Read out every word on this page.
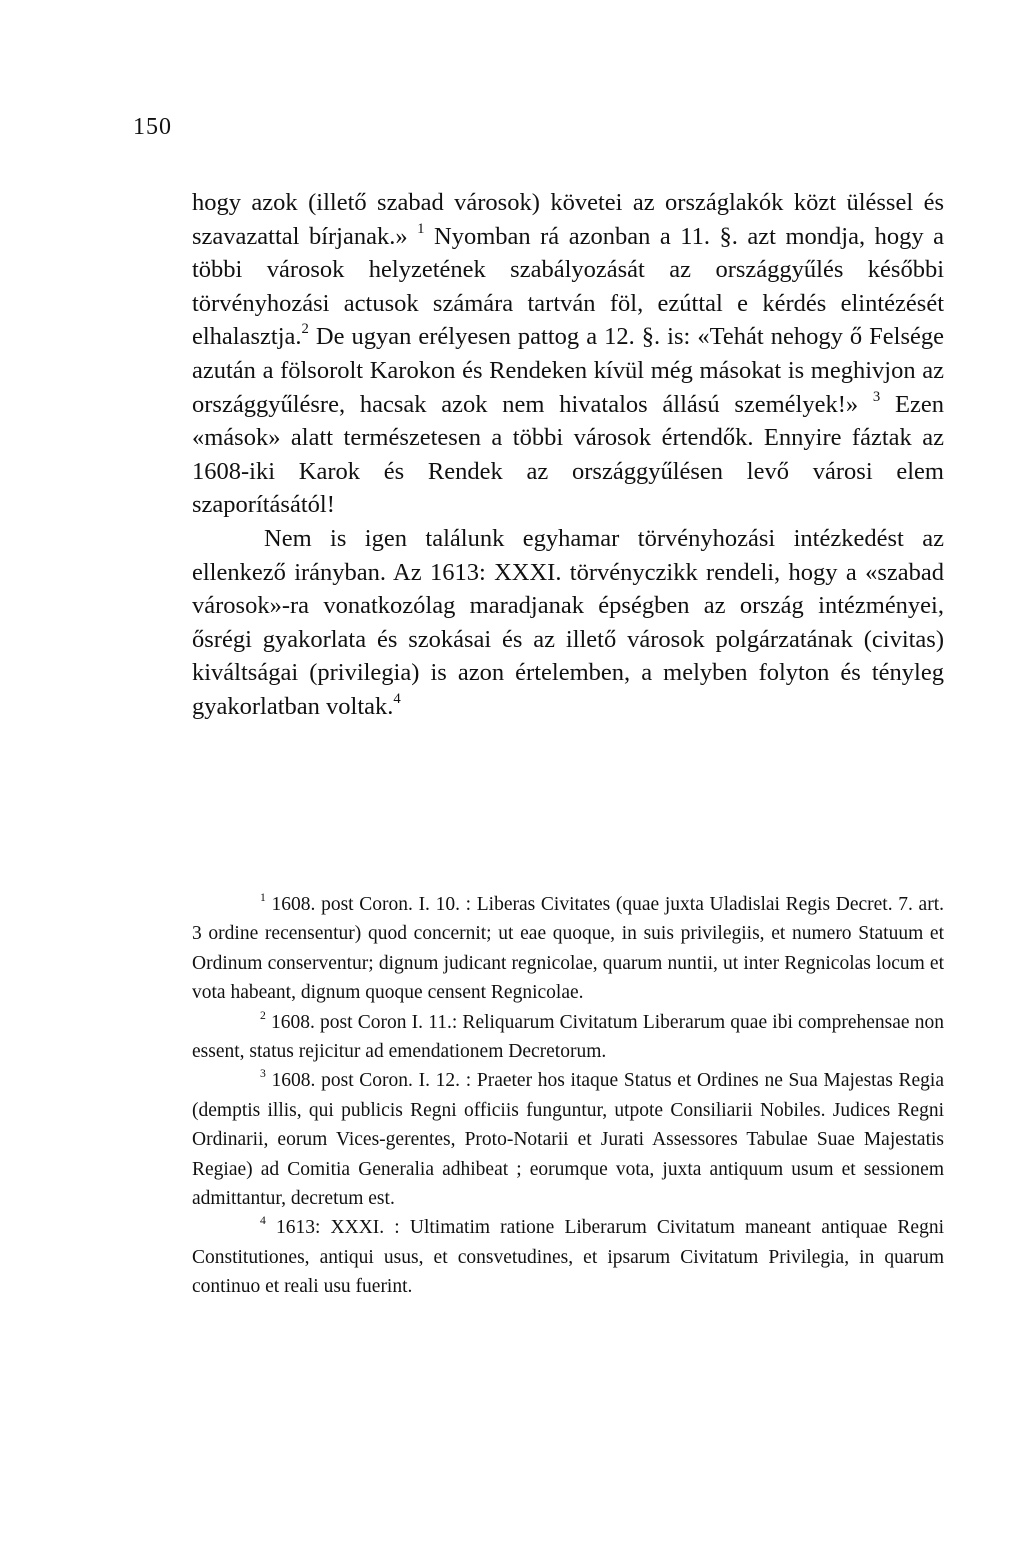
150

hogy azok (illető szabad városok) követei az országlakók közt üléssel és szavazattal bírjanak.» $^1$ Nyomban rá azonban a 11. §. azt mondja, hogy a többi városok helyzetének szabályozását az országgyűlés későbbi törvényhozási actusok számára tartván föl, ezúttal e kérdés elintézését elhalasztja.$^2$ De ugyan erélyesen pattog a 12. §. is: «Tehát nehogy ő Felsége azután a fölsorolt Karokon és Rendeken kívül még másokat is meghivjon az országgyűlésre, hacsak azok nem hivatalos állású személyek!» $^3$ Ezen «mások» alatt természetesen a többi városok értendők. Ennyire fáztak az 1608-iki Karok és Rendek az országgyűlésen levő városi elem szaporításától!

Nem is igen találunk egyhamar törvényhozási intézkedést az ellenkező irányban. Az 1613: XXXI. törvényczikk rendeli, hogy a «szabad városok»-ra vonatkozólag maradjanak épségben az ország intézményei, ősrégi gyakorlata és szokásai és az illető városok polgárzatának (civitas) kiváltságai (privilegia) is azon értelemben, a melyben folyton és tényleg gyakorlatban voltak.$^4$

$^1$ 1608. post Coron. I. 10. : Liberas Civitates (quae juxta Uladislai Regis Decret. 7. art. 3 ordine recensentur) quod concernit; ut eae quoque, in suis privilegiis, et numero Statuum et Ordinum conserventur; dignum judicant regnicolae, quarum nuntii, ut inter Regnicolas locum et vota habeant, dignum quoque censent Regnicolae.

$^2$ 1608. post Coron I. 11.: Reliquarum Civitatum Liberarum quae ibi comprehensae non essent, status rejicitur ad emendationem Decretorum.

$^3$ 1608. post Coron. I. 12. : Praeter hos itaque Status et Ordines ne Sua Majestas Regia (demptis illis, qui publicis Regni officiis funguntur, utpote Consiliarii Nobiles. Judices Regni Ordinarii, eorum Vices-gerentes, Proto-Notarii et Jurati Assessores Tabulae Suae Majestatis Regiae) ad Comitia Generalia adhibeat ; eorumque vota, juxta antiquum usum et sessionem admittantur, decretum est.

$^4$ 1613: XXXI. : Ultimatim ratione Liberarum Civitatum maneant antiquae Regni Constitutiones, antiqui usus, et consvetudines, et ipsarum Civitatum Privilegia, in quarum continuo et reali usu fuerint.
